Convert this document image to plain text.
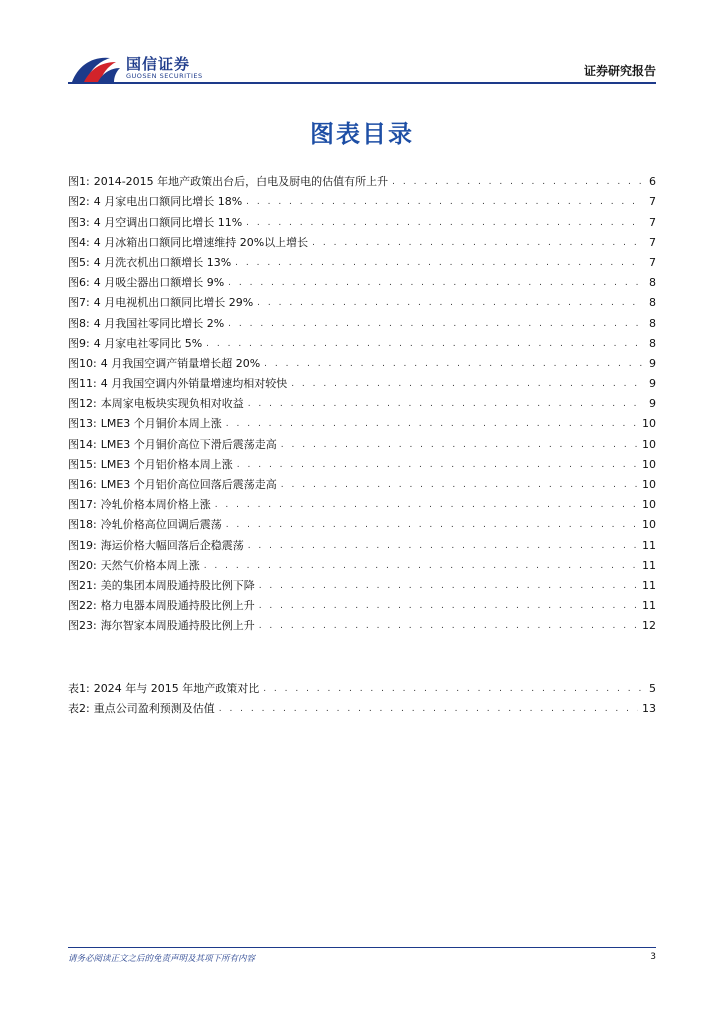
国信证券
GUOSEN SECURITIES	证券研究报告
图表目录
图1: 2014-2015 年地产政策出台后，白电及厨电的估值有所上升 . . .	6
图2: 4 月家电出口额同比增长 18% . . .	7
图3: 4 月空调出口额同比增长 11% . . .	7
图4: 4 月冰箱出口额同比增速维持 20%以上增长 . . .	7
图5: 4 月洗衣机出口额增长 13% . . .	7
图6: 4 月吸尘器出口额增长 9% . . .	8
图7: 4 月电视机出口额同比增长 29% . . .	8
图8: 4 月我国社零同比增长 2% . . .	8
图9: 4 月家电社零同比 5% . . .	8
图10: 4 月我国空调产销量增长超 20% . . .	9
图11: 4 月我国空调内外销量增速均相对较快 . . .	9
图12: 本周家电板块实现负相对收益 . . .	9
图13: LME3 个月铜价本周上涨 . . .	10
图14: LME3 个月铜价高位下滑后震荡走高 . . .	10
图15: LME3 个月铝价格本周上涨 . . .	10
图16: LME3 个月铝价高位回落后震荡走高 . . .	10
图17: 冷轧价格本周价格上涨 . . .	10
图18: 冷轧价格高位回调后震荡 . . .	10
图19: 海运价格大幅回落后企稳震荡 . . .	11
图20: 天然气价格本周上涨 . . .	11
图21: 美的集团本周股通持股比例下降 . . .	11
图22: 格力电器本周股通持股比例上升 . . .	11
图23: 海尔智家本周股通持股比例上升 . . .	12
表1: 2024 年与 2015 年地产政策对比 . . .	5
表2: 重点公司盈利预测及估值 . . .	13
请务必阅读正文之后的免责声明及其项下所有内容	3
